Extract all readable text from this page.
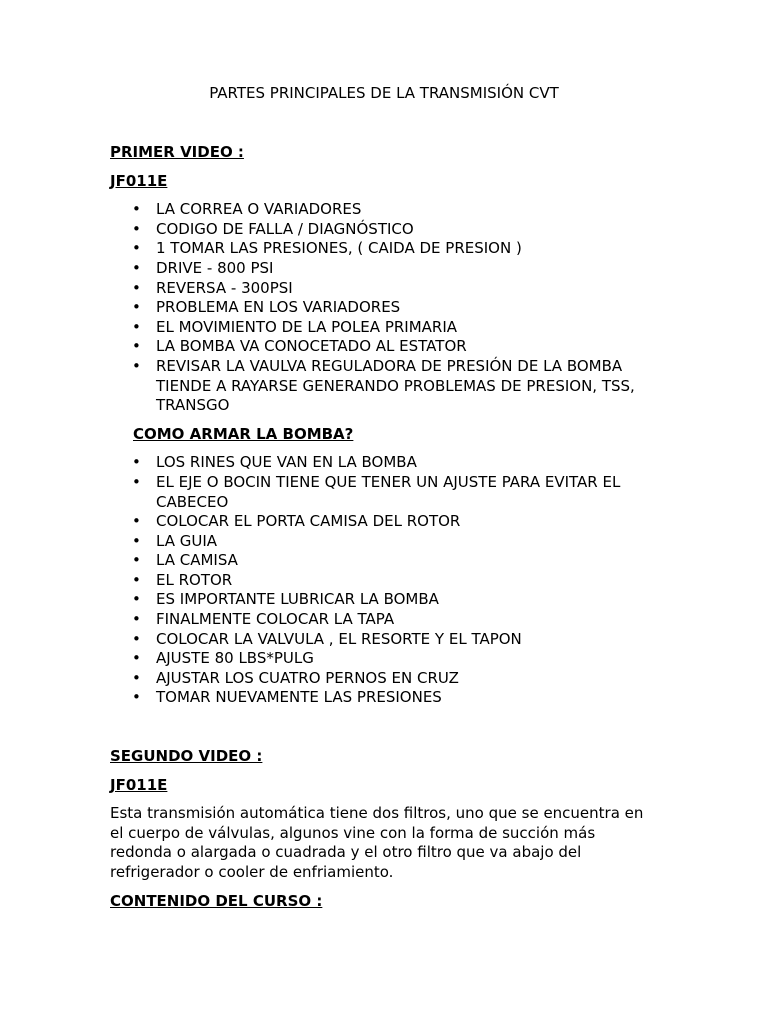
PARTES PRINCIPALES DE LA TRANSMISIÓN CVT
PRIMER VIDEO :
JF011E
• LA CORREA O VARIADORES
• CODIGO DE FALLA / DIAGNÓSTICO
• 1 TOMAR LAS PRESIONES, ( CAIDA DE PRESION )
• DRIVE - 800 PSI
• REVERSA - 300PSI
• PROBLEMA EN LOS VARIADORES
• EL MOVIMIENTO DE LA POLEA PRIMARIA
• LA BOMBA VA CONOCETADO AL ESTATOR
• REVISAR LA VAULVA REGULADORA DE PRESIÓN DE LA BOMBA TIENDE A RAYARSE GENERANDO PROBLEMAS DE PRESION, TSS, TRANSGO
COMO ARMAR LA BOMBA?
• LOS RINES QUE VAN EN LA BOMBA
• EL EJE O BOCIN TIENE QUE TENER UN AJUSTE PARA EVITAR EL CABECEO
• COLOCAR EL PORTA CAMISA DEL ROTOR
• LA GUIA
• LA CAMISA
• EL ROTOR
• ES IMPORTANTE LUBRICAR LA BOMBA
• FINALMENTE COLOCAR LA TAPA
• COLOCAR LA VALVULA , EL RESORTE Y EL TAPON
• AJUSTE 80 LBS*PULG
• AJUSTAR LOS CUATRO PERNOS EN CRUZ
• TOMAR NUEVAMENTE LAS PRESIONES
SEGUNDO VIDEO :
JF011E
Esta transmisión automática tiene dos filtros, uno que se encuentra en el cuerpo de válvulas, algunos vine con la forma de succión más redonda o alargada o cuadrada y el otro filtro que va abajo del refrigerador o cooler de enfriamiento.
CONTENIDO DEL CURSO :
